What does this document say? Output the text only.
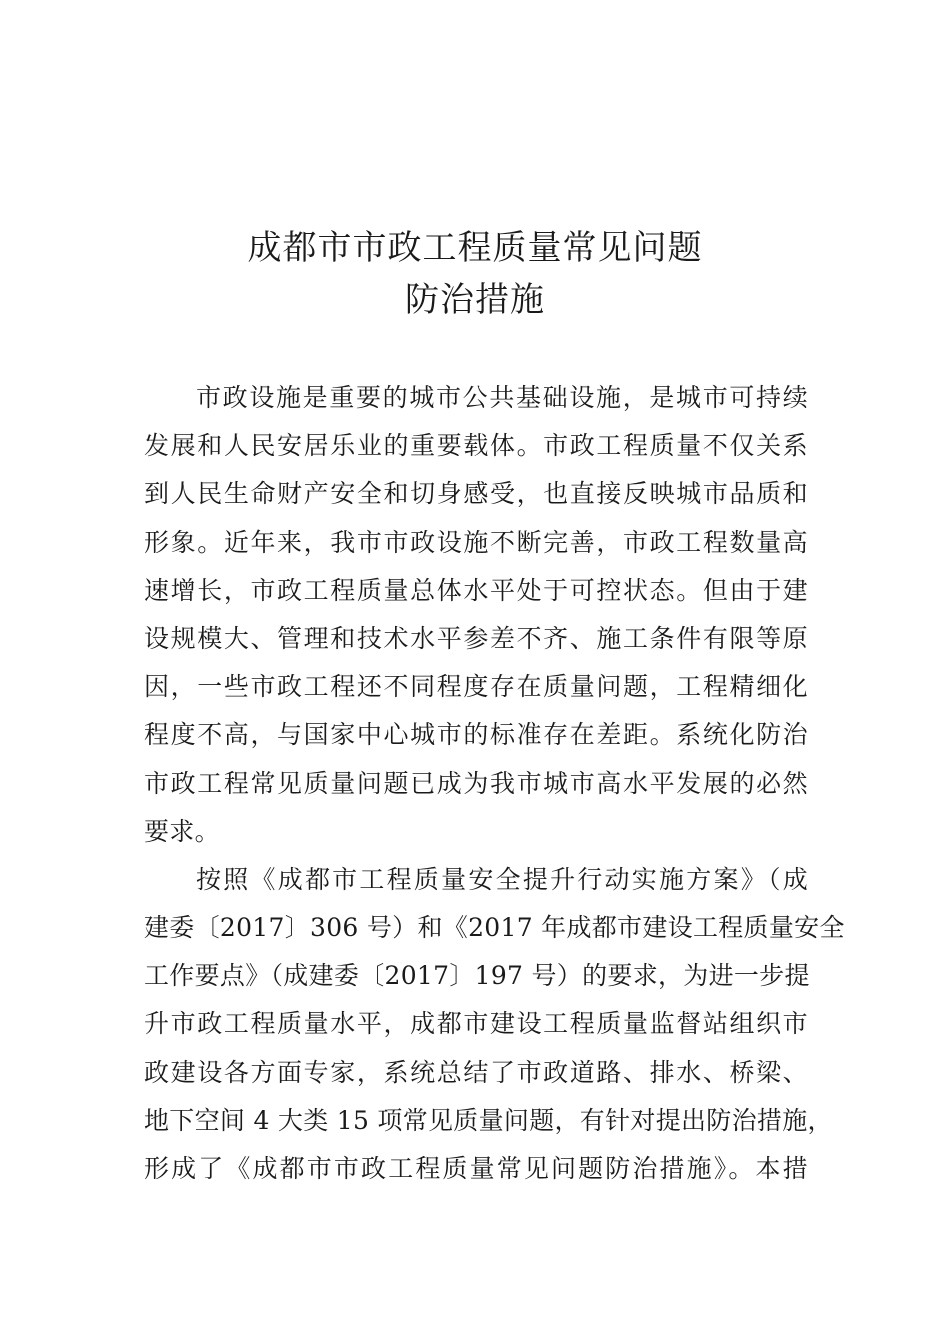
成都市市政工程质量常见问题
防治措施
市政设施是重要的城市公共基础设施，是城市可持续
发展和人民安居乐业的重要载体。市政工程质量不仅关系
到人民生命财产安全和切身感受，也直接反映城市品质和
形象。近年来，我市市政设施不断完善，市政工程数量高
速增长，市政工程质量总体水平处于可控状态。但由于建
设规模大、管理和技术水平参差不齐、施工条件有限等原
因，一些市政工程还不同程度存在质量问题，工程精细化
程度不高，与国家中心城市的标准存在差距。系统化防治
市政工程常见质量问题已成为我市城市高水平发展的必然
要求。
按照《成都市工程质量安全提升行动实施方案》（成
建委〔2017〕306 号）和《2017 年成都市建设工程质量安全
工作要点》（成建委〔2017〕197 号）的要求，为进一步提
升市政工程质量水平，成都市建设工程质量监督站组织市
政建设各方面专家，系统总结了市政道路、排水、桥梁、
地下空间 4 大类 15 项常见质量问题，有针对提出防治措施，
形成了《成都市市政工程质量常见问题防治措施》。本措
